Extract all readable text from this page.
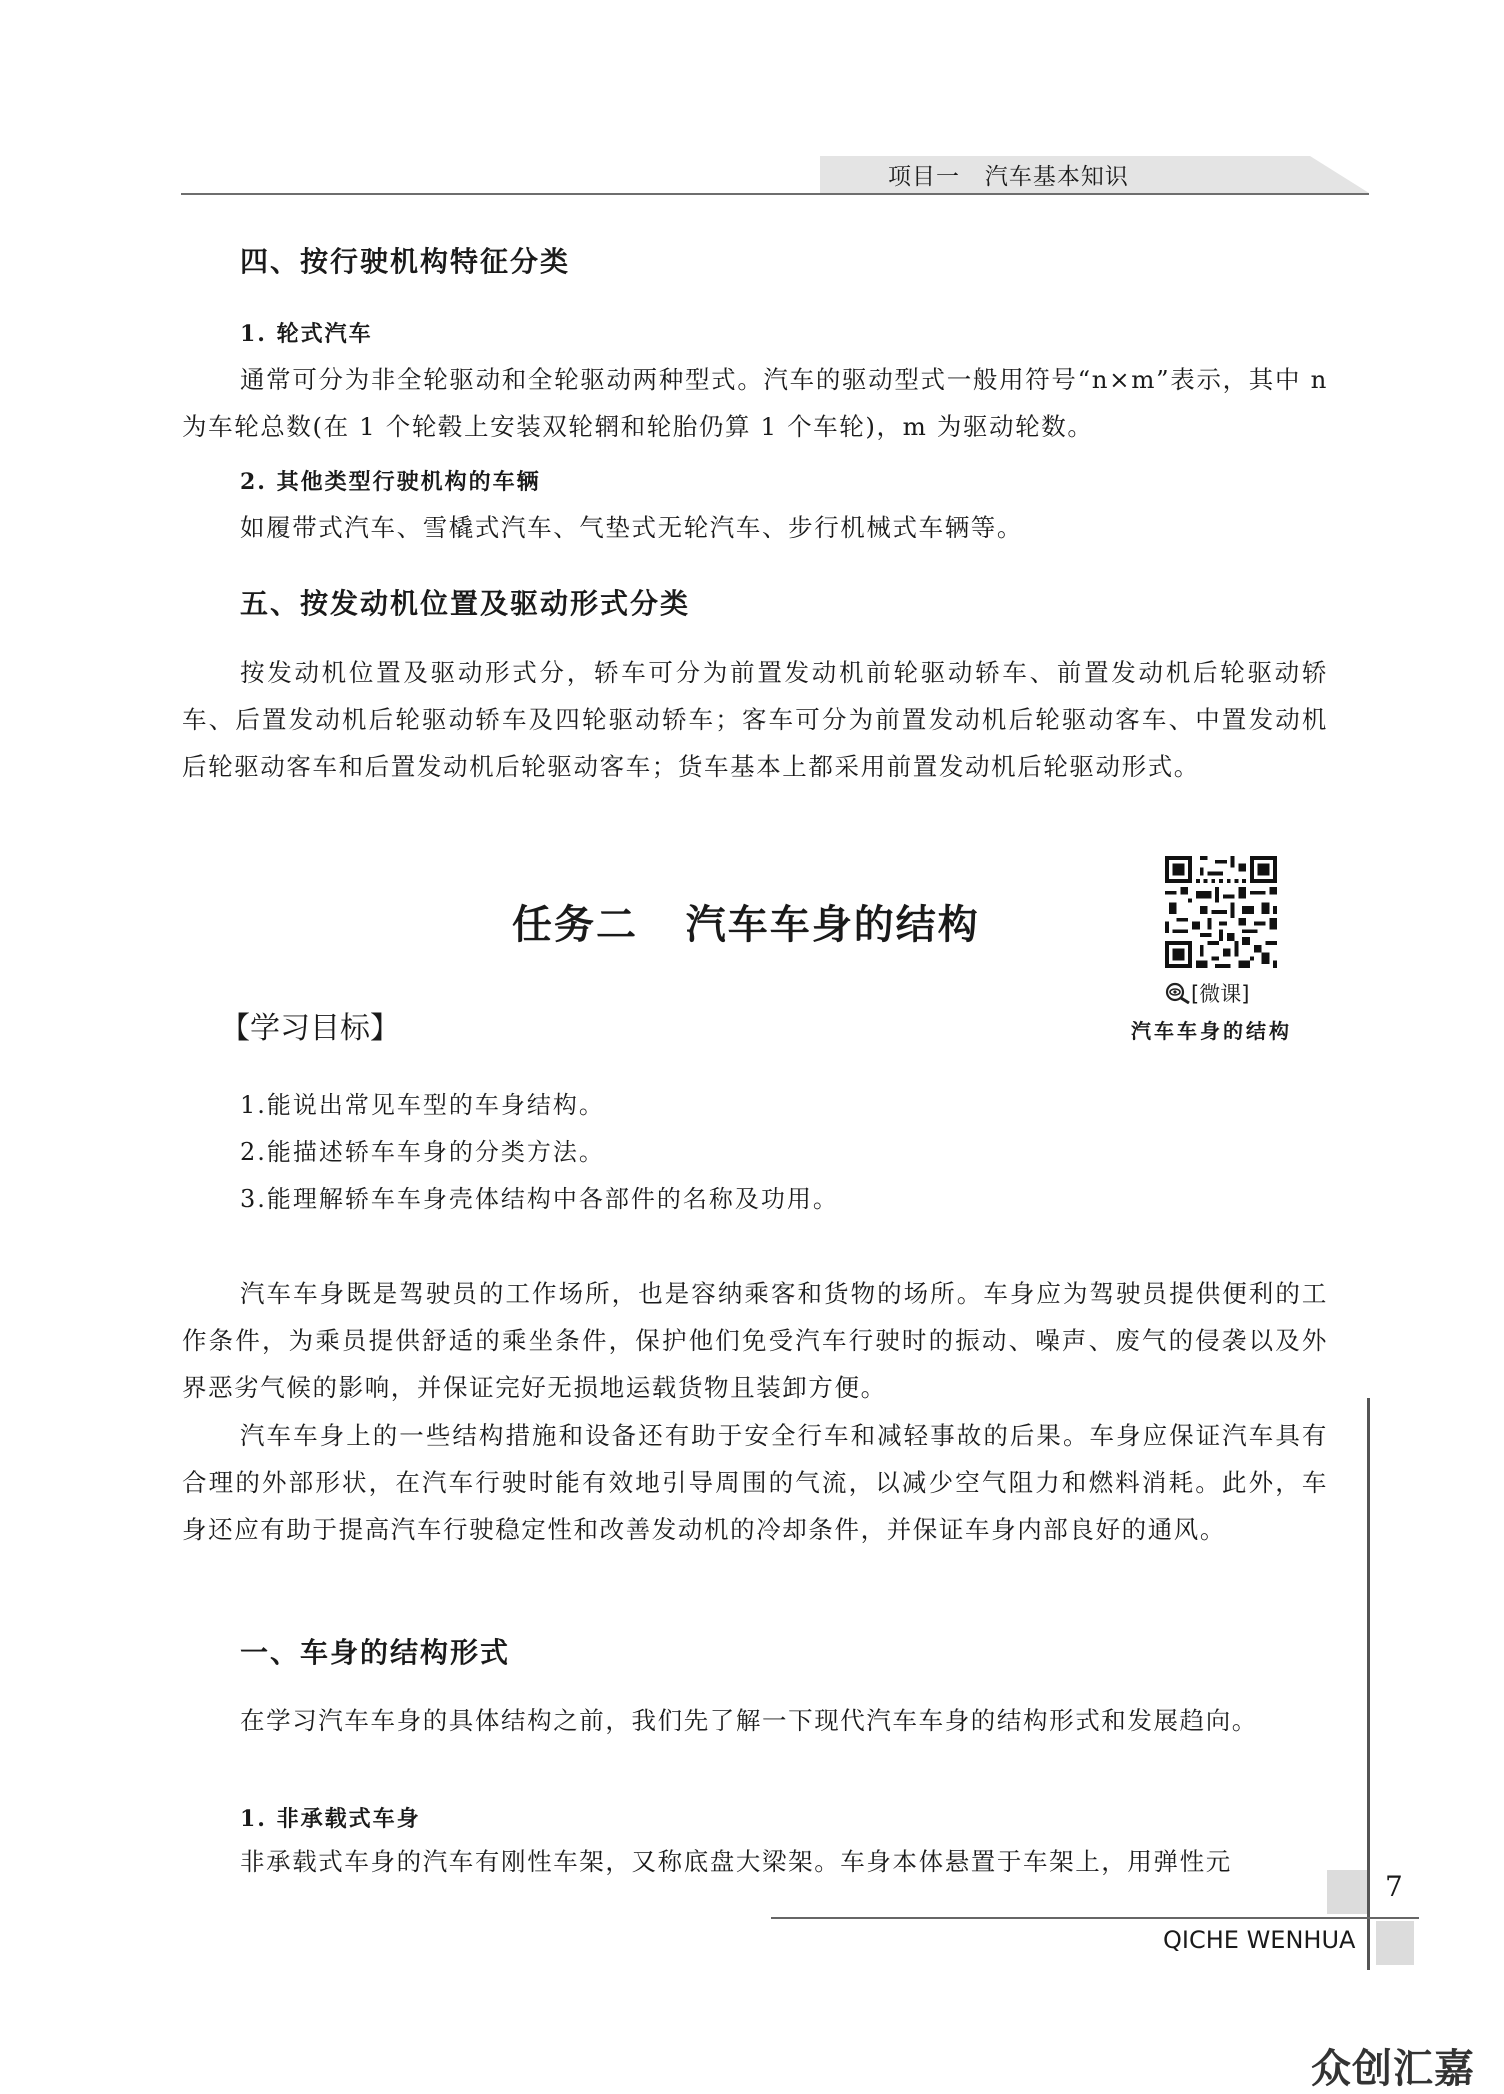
项目一   汽车基本知识
四、按行驶机构特征分类
1. 轮式汽车

通常可分为非全轮驱动和全轮驱动两种型式。汽车的驱动型式一般用符号“n×m”表示，其中 n 为车轮总数(在 1 个轮毂上安装双轮辋和轮胎仍算 1 个车轮)，m 为驱动轮数。

2. 其他类型行驶机构的车辆

如履带式汽车、雪橇式汽车、气垫式无轮汽车、步行机械式车辆等。

五、按发动机位置及驱动形式分类

按发动机位置及驱动形式分，轿车可分为前置发动机前轮驱动轿车、前置发动机后轮驱动轿车、后置发动机后轮驱动轿车及四轮驱动轿车；客车可分为前置发动机后轮驱动客车、中置发动机后轮驱动客车和后置发动机后轮驱动客车；货车基本上都采用前置发动机后轮驱动形式。

任务二   汽车车身的结构
[微课]
汽车车身的结构
【学习目标】
1.能说出常见车型的车身结构。
2.能描述轿车车身的分类方法。
3.能理解轿车车身壳体结构中各部件的名称及功用。

汽车车身既是驾驶员的工作场所，也是容纳乘客和货物的场所。车身应为驾驶员提供便利的工作条件，为乘员提供舒适的乘坐条件，保护他们免受汽车行驶时的振动、噪声、废气的侵袭以及外界恶劣气候的影响，并保证完好无损地运载货物且装卸方便。

汽车车身上的一些结构措施和设备还有助于安全行车和减轻事故的后果。车身应保证汽车具有合理的外部形状，在汽车行驶时能有效地引导周围的气流，以减少空气阻力和燃料消耗。此外，车身还应有助于提高汽车行驶稳定性和改善发动机的冷却条件，并保证车身内部良好的通风。

一、车身的结构形式

在学习汽车车身的具体结构之前，我们先了解一下现代汽车车身的结构形式和发展趋向。

1. 非承载式车身

非承载式车身的汽车有刚性车架，又称底盘大梁架。车身本体悬置于车架上，用弹性元

7
QICHE WENHUA
众创汇嘉
